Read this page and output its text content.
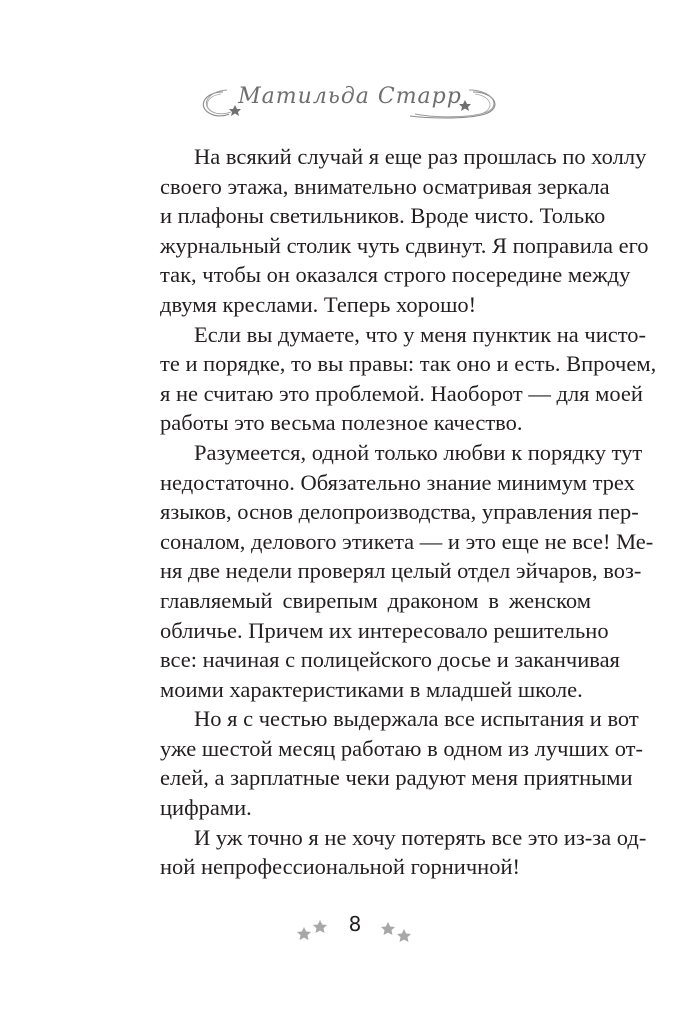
Матильда Старр

На всякий случай я еще раз прошлась по холлу
своего этажа, внимательно осматривая зеркала
и плафоны светильников. Вроде чисто. Только
журнальный столик чуть сдвинут. Я поправила его
так, чтобы он оказался строго посередине между
двумя креслами. Теперь хорошо!

Если вы думаете, что у меня пунктик на чисто-
те и порядке, то вы правы: так оно и есть. Впрочем,
я не считаю это проблемой. Наоборот — для моей
работы это весьма полезное качество.

Разумеется, одной только любви к порядку тут
недостаточно. Обязательно знание минимум трех
языков, основ делопроизводства, управления пер-
соналом, делового этикета — и это еще не все! Ме-
ня две недели проверял целый отдел эйчаров, воз-
главляемый свирепым драконом в женском
обличье. Причем их интересовало решительно
все: начиная с полицейского досье и заканчивая
моими характеристиками в младшей школе.

Но я с честью выдержала все испытания и вот
уже шестой месяц работаю в одном из лучших от-
елей, а зарплатные чеки радуют меня приятными
цифрами.

И уж точно я не хочу потерять все это из-за од-
ной непрофессиональной горничной!

8
